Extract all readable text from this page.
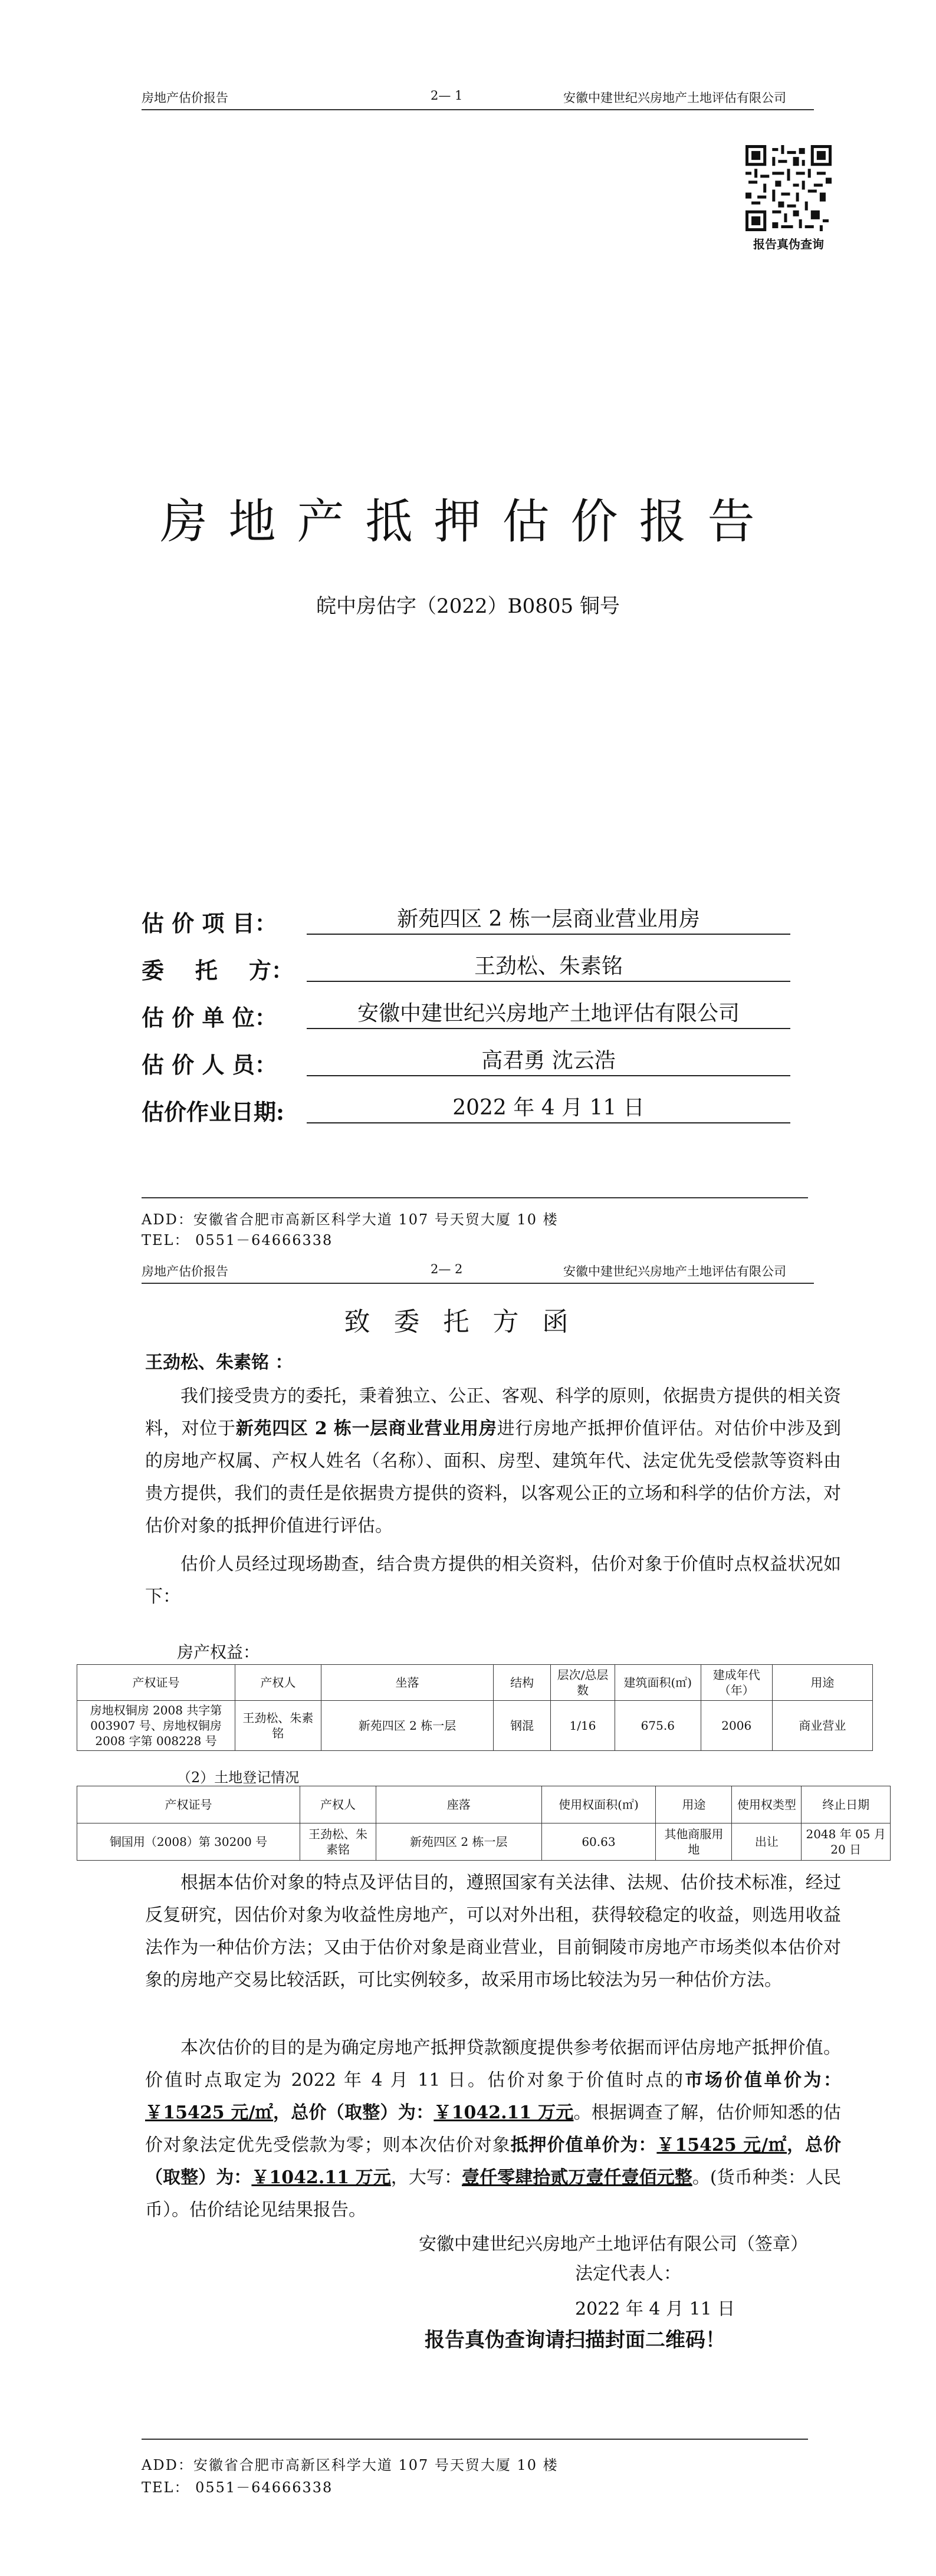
房地产估价报告	2— 1	安徽中建世纪兴房地产土地评估有限公司
报告真伪查询
房地产抵押估价报告
皖中房估字（2022）B0805 铜号
估 价 项 目：	新苑四区 2 栋一层商业营业用房
委    托    方：	王劲松、朱素铭
估 价 单 位：	安徽中建世纪兴房地产土地评估有限公司
估 价 人 员：	高君勇 沈云浩
估价作业日期:	2022 年 4 月 11 日
ADD：安徽省合肥市高新区科学大道 107 号天贸大厦 10 楼
TEL： 0551－64666338
房地产估价报告	2— 2	安徽中建世纪兴房地产土地评估有限公司
致委托方函
王劲松、朱素铭 ：
我们接受贵方的委托，秉着独立、公正、客观、科学的原则，依据贵方提供的相关资料，对位于新苑四区 2 栋一层商业营业用房进行房地产抵押价值评估。对估价中涉及到的房地产权属、产权人姓名（名称）、面积、房型、建筑年代、法定优先受偿款等资料由贵方提供，我们的责任是依据贵方提供的资料，以客观公正的立场和科学的估价方法，对估价对象的抵押价值进行评估。
估价人员经过现场勘查，结合贵方提供的相关资料，估价对象于价值时点权益状况如下：
房产权益：
产权证号	产权人	坐落	结构	层次/总层数	建筑面积(㎡)	建成年代（年）	用途
房地权铜房 2008 共字第 003907 号、房地权铜房 2008 字第 008228 号	王劲松、朱素铭	新苑四区 2 栋一层	钢混	1/16	675.6	2006	商业营业
（2）土地登记情况
产权证号	产权人	座落	使用权面积(㎡)	用途	使用权类型	终止日期
铜国用（2008）第 30200 号	王劲松、朱素铭	新苑四区 2 栋一层	60.63	其他商服用地	出让	2048 年 05 月 20 日
根据本估价对象的特点及评估目的，遵照国家有关法律、法规、估价技术标准，经过反复研究，因估价对象为收益性房地产，可以对外出租，获得较稳定的收益，则选用收益法作为一种估价方法；又由于估价对象是商业营业，目前铜陵市房地产市场类似本估价对象的房地产交易比较活跃，可比实例较多，故采用市场比较法为另一种估价方法。
本次估价的目的是为确定房地产抵押贷款额度提供参考依据而评估房地产抵押价值。价值时点取定为 2022 年 4 月 11 日。估价对象于价值时点的市场价值单价为：￥15425 元/㎡，总价（取整）为：￥1042.11 万元。根据调查了解，估价师知悉的估价对象法定优先受偿款为零；则本次估价对象抵押价值单价为：￥15425 元/㎡，总价（取整）为：￥1042.11 万元，大写：壹仟零肆拾贰万壹仟壹佰元整。(货币种类：人民币）。估价结论见结果报告。
安徽中建世纪兴房地产土地评估有限公司（签章）
法定代表人：
2022 年 4 月 11 日
报告真伪查询请扫描封面二维码！
ADD：安徽省合肥市高新区科学大道 107 号天贸大厦 10 楼
TEL： 0551－64666338
